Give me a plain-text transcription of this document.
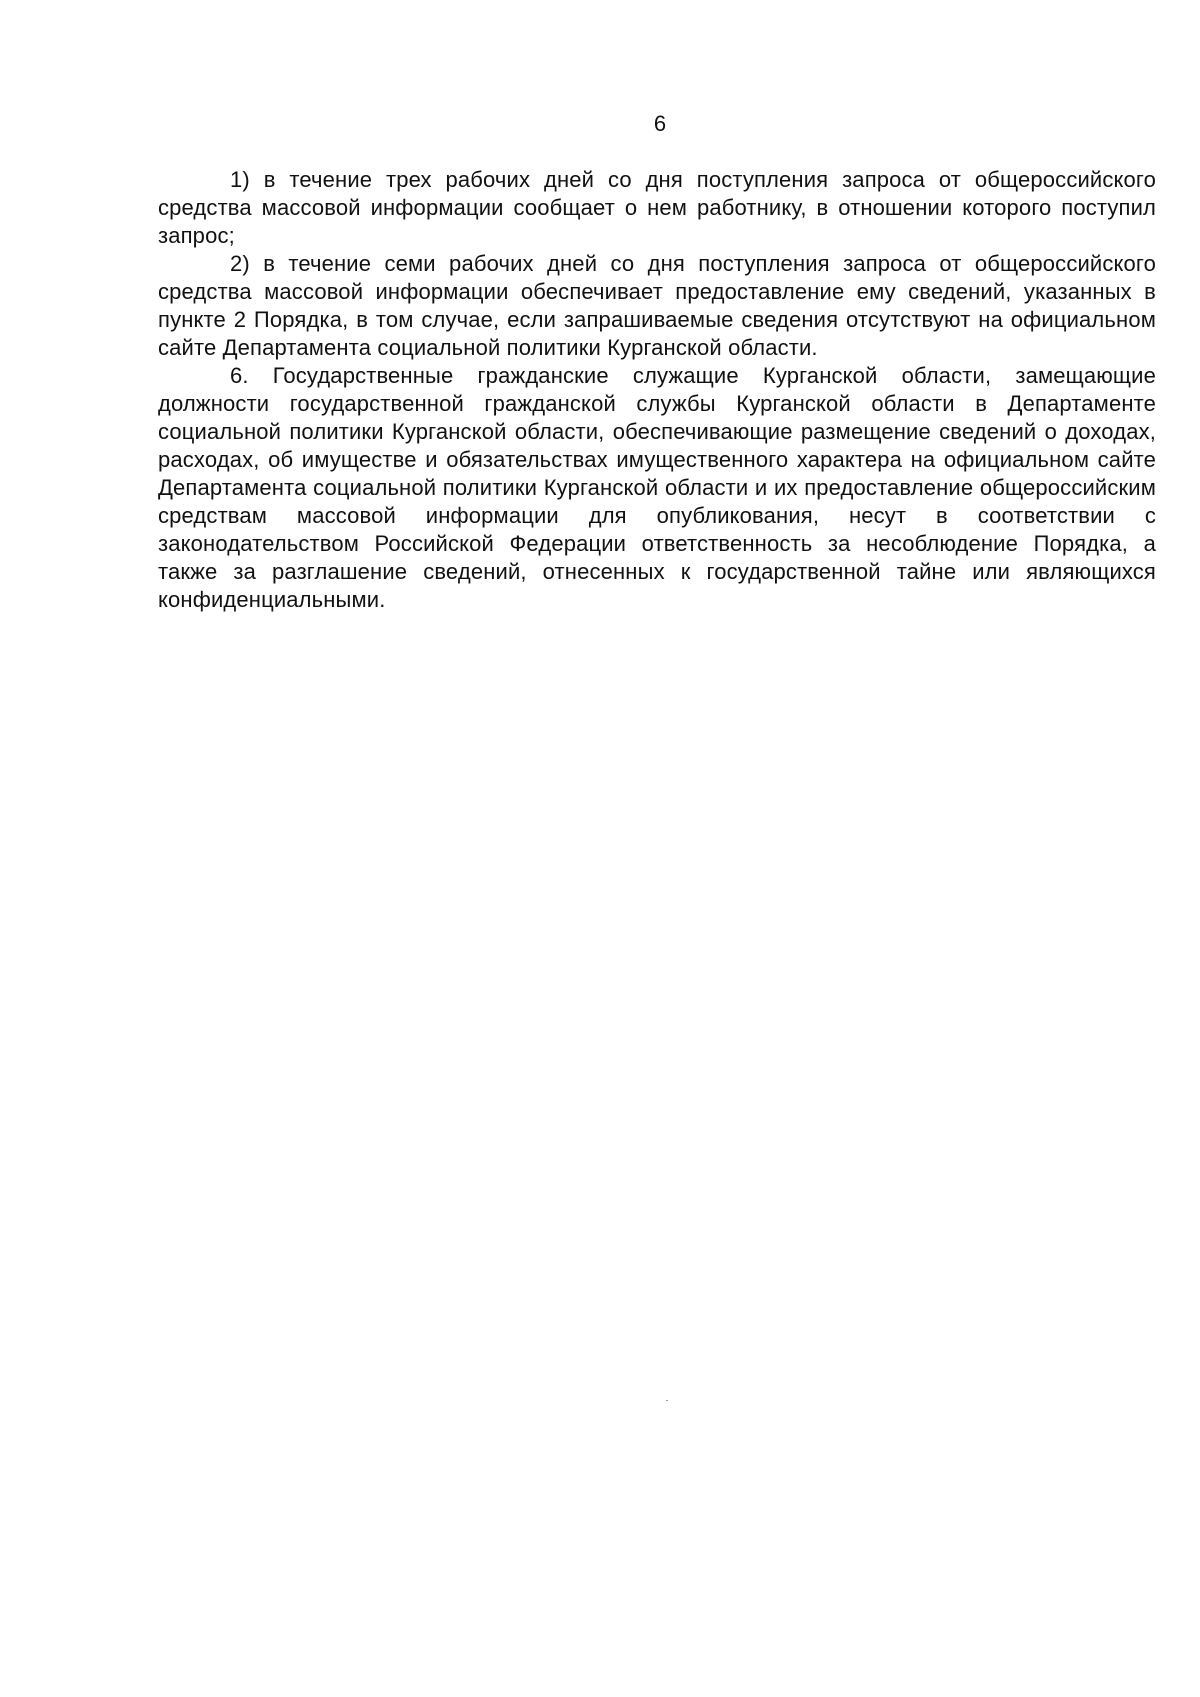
6

1) в течение трех рабочих дней со дня поступления запроса от общероссийского средства массовой информации сообщает о нем работнику, в отношении которого поступил запрос;

2) в течение семи рабочих дней со дня поступления запроса от общероссийского средства массовой информации обеспечивает предоставление ему сведений, указанных в пункте 2 Порядка, в том случае, если запрашиваемые сведения отсутствуют на официальном сайте Департамента социальной политики Курганской области.

6. Государственные гражданские служащие Курганской области, замещающие должности государственной гражданской службы Курганской области в Департаменте социальной политики Курганской области, обеспечивающие размещение сведений о доходах, расходах, об имуществе и обязательствах имущественного характера на официальном сайте Департамента социальной политики Курганской области и их предоставление общероссийским средствам массовой информации для опубликования, несут в соответствии с законодательством Российской Федерации ответственность за несоблюдение Порядка, а также за разглашение сведений, отнесенных к государственной тайне или являющихся конфиденциальными.
